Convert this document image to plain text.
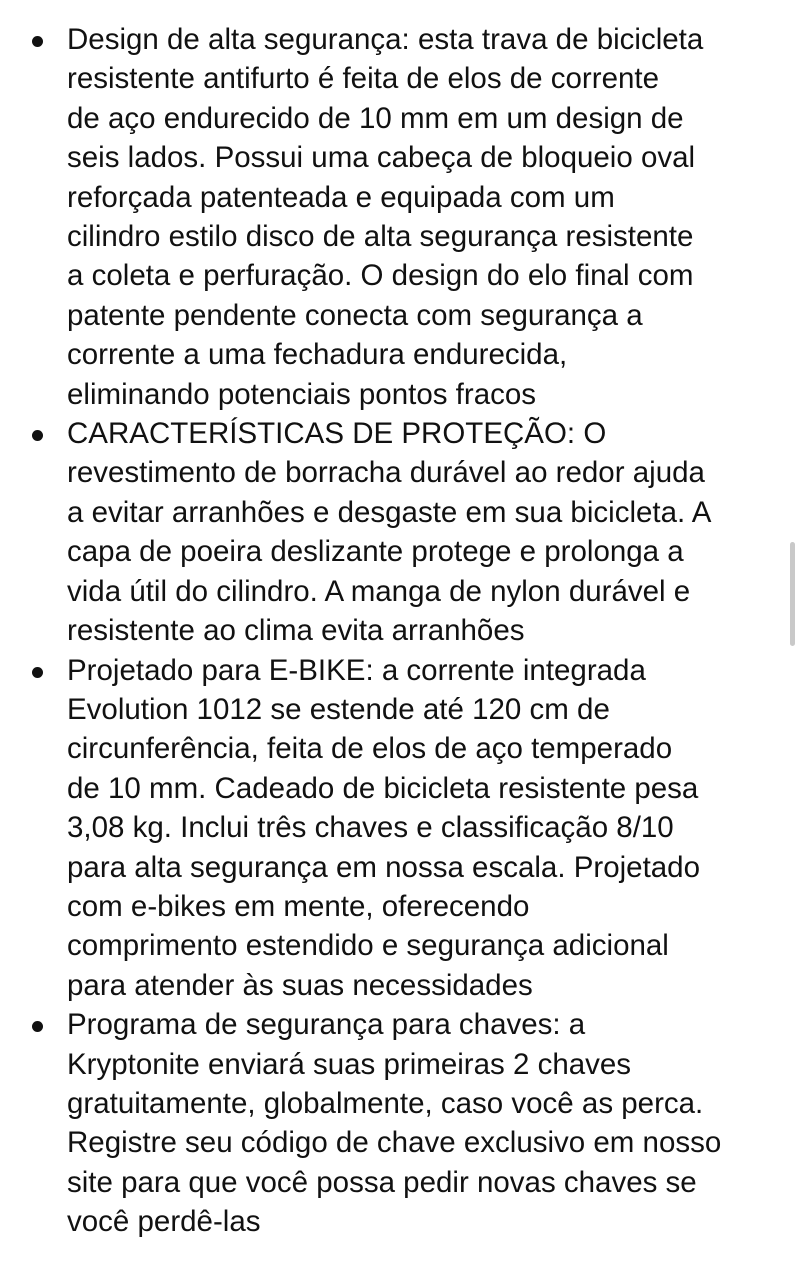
Design de alta segurança: esta trava de bicicleta
resistente antifurto é feita de elos de corrente
de aço endurecido de 10 mm em um design de
seis lados. Possui uma cabeça de bloqueio oval
reforçada patenteada e equipada com um
cilindro estilo disco de alta segurança resistente
a coleta e perfuração. O design do elo final com
patente pendente conecta com segurança a
corrente a uma fechadura endurecida,
eliminando potenciais pontos fracos
CARACTERÍSTICAS DE PROTEÇÃO: O
revestimento de borracha durável ao redor ajuda
a evitar arranhões e desgaste em sua bicicleta. A
capa de poeira deslizante protege e prolonga a
vida útil do cilindro. A manga de nylon durável e
resistente ao clima evita arranhões
Projetado para E-BIKE: a corrente integrada
Evolution 1012 se estende até 120 cm de
circunferência, feita de elos de aço temperado
de 10 mm. Cadeado de bicicleta resistente pesa
3,08 kg. Inclui três chaves e classificação 8/10
para alta segurança em nossa escala. Projetado
com e-bikes em mente, oferecendo
comprimento estendido e segurança adicional
para atender às suas necessidades
Programa de segurança para chaves: a
Kryptonite enviará suas primeiras 2 chaves
gratuitamente, globalmente, caso você as perca.
Registre seu código de chave exclusivo em nosso
site para que você possa pedir novas chaves se
você perdê-las
